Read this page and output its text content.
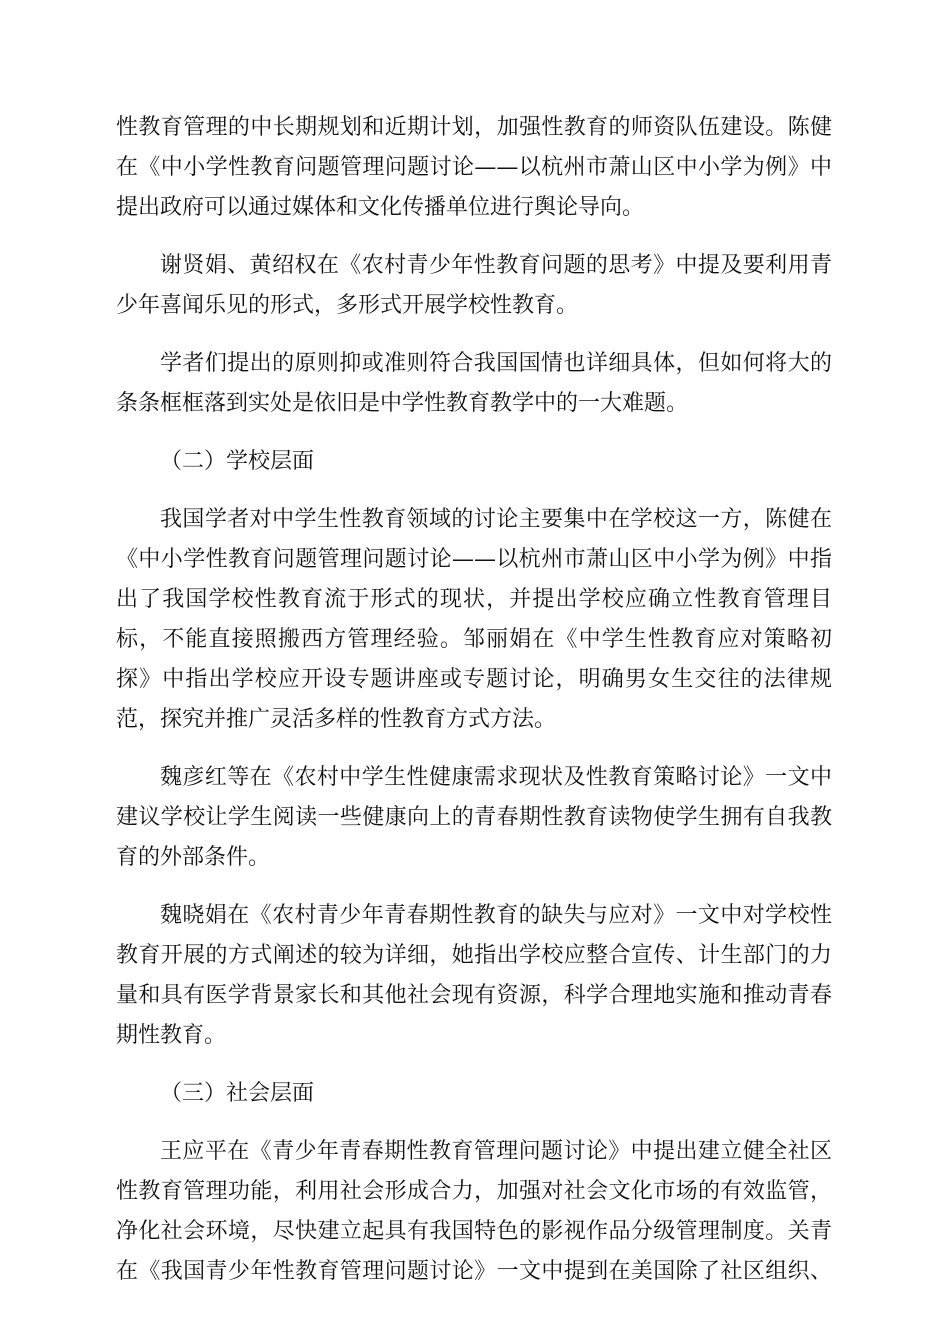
性教育管理的中长期规划和近期计划，加强性教育的师资队伍建设。陈健
在《中小学性教育问题管理问题讨论——以杭州市萧山区中小学为例》中
提出政府可以通过媒体和文化传播单位进行舆论导向。
谢贤娟、黄绍权在《农村青少年性教育问题的思考》中提及要利用青
少年喜闻乐见的形式，多形式开展学校性教育。
学者们提出的原则抑或准则符合我国国情也详细具体，但如何将大的
条条框框落到实处是依旧是中学性教育教学中的一大难题。
（二）学校层面
我国学者对中学生性教育领域的讨论主要集中在学校这一方，陈健在
《中小学性教育问题管理问题讨论——以杭州市萧山区中小学为例》中指
出了我国学校性教育流于形式的现状，并提出学校应确立性教育管理目
标，不能直接照搬西方管理经验。邹丽娟在《中学生性教育应对策略初
探》中指出学校应开设专题讲座或专题讨论，明确男女生交往的法律规
范，探究并推广灵活多样的性教育方式方法。
魏彦红等在《农村中学生性健康需求现状及性教育策略讨论》一文中
建议学校让学生阅读一些健康向上的青春期性教育读物使学生拥有自我教
育的外部条件。
魏晓娟在《农村青少年青春期性教育的缺失与应对》一文中对学校性
教育开展的方式阐述的较为详细，她指出学校应整合宣传、计生部门的力
量和具有医学背景家长和其他社会现有资源，科学合理地实施和推动青春
期性教育。
（三）社会层面
王应平在《青少年青春期性教育管理问题讨论》中提出建立健全社区
性教育管理功能，利用社会形成合力，加强对社会文化市场的有效监管，
净化社会环境，尽快建立起具有我国特色的影视作品分级管理制度。关青
在《我国青少年性教育管理问题讨论》一文中提到在美国除了社区组织、
